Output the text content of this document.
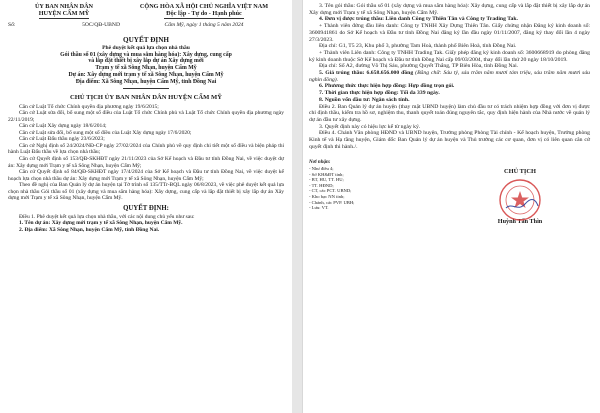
ỦY BAN NHÂN DÂN
HUYỆN CẨM MỸ
Số:	5OC/QĐ-UBND
CỘNG HÒA XÃ HỘI CHỦ NGHĨA VIỆT NAM
Độc lập - Tự do - Hạnh phúc
Cẩm Mỹ, ngày 1 tháng 5 năm 2024
QUYẾT ĐỊNH
Phê duyệt kết quả lựa chọn nhà thầu
Gói thầu số 01 (xây dựng và mua sắm hàng hóa): Xây dựng, cung cấp
và lắp đặt thiết bị xây lắp dự án Xây dựng mới
Trạm y tế xã Sông Nhạn, huyện Cẩm Mỹ
Dự án: Xây dựng mới trạm y tế xã Sông Nhạn, huyện Cẩm Mỹ
Địa điểm: Xã Sông Nhạn, huyện Cẩm Mỹ, tỉnh Đồng Nai
CHỦ TỊCH ỦY BAN NHÂN DÂN HUYỆN CẨM MỸ

Căn cứ Luật Tổ chức Chính quyền địa phương ngày 19/6/2015;

Căn cứ Luật sửa đổi, bổ sung một số điều của Luật Tổ chức Chính phủ và Luật Tổ chức Chính quyền địa phương ngày 22/11/2019;

Căn cứ Luật Xây dựng ngày 18/6/2014;

Căn cứ Luật sửa đổi, bổ sung một số điều của Luật Xây dựng ngày 17/6/2020;

Căn cứ Luật Đấu thầu ngày 23/6/2023;

Căn cứ Nghị định số 24/2024/NĐ-CP ngày 27/02/2024 của Chính phủ về quy định chi tiết một số điều và biện pháp thi hành Luật Đấu thầu về lựa chọn nhà thầu;

Căn cứ Quyết định số 153/QĐ-SKHĐT ngày 21/11/2023 của Sở Kế hoạch và Đầu tư tỉnh Đồng Nai, về việc duyệt dự án: Xây dựng mới Trạm y tế xã Sông Nhạn, huyện Cẩm Mỹ;

Căn cứ Quyết định số 84/QĐ-SKHĐT ngày 17/4/2024 của Sở Kế hoạch và Đầu tư tỉnh Đồng Nai, về việc duyệt kế hoạch lựa chọn nhà thầu dự án: Xây dựng mới Trạm y tế xã Sông Nhạn, huyện Cẩm Mỹ;

Theo đề nghị của Ban Quản lý dự án huyện tại Tờ trình số 135/TTr-BQL ngày 06/8/2023, về việc phê duyệt kết quả lựa chọn nhà thầu Gói thầu số 01 (xây dựng và mua sắm hàng hóa): Xây dựng, cung cấp và lắp đặt thiết bị xây lắp dự án Xây dựng mới Trạm y tế xã Sông Nhạn, huyện Cẩm Mỹ.

QUYẾT ĐỊNH:

Điều 1. Phê duyệt kết quả lựa chọn nhà thầu, với các nội dung chủ yếu như sau:

1. Tên dự án: Xây dựng mới trạm y tế xã Sông Nhạn, huyện Cẩm Mỹ.

2. Địa điểm: Xã Sông Nhạn, huyện Cẩm Mỹ, tỉnh Đồng Nai.

3. Tên gói thầu: Gói thầu số 01 (xây dựng và mua sắm hàng hóa): Xây dựng, cung cấp và lắp đặt thiết bị xây lắp dự án Xây dựng mới Trạm y tế xã Sông Nhạn, huyện Cẩm Mỹ.

4. Đơn vị được trúng thầu: Liên danh Công ty Thiên Tân và Công ty Trading Tak.

+ Thành viên đứng đầu liên danh: Công ty TNHH Xây Dựng Thiên Tân. Giấy chứng nhận Đăng ký kinh doanh số: 3600941861 do Sở Kế hoạch và Đầu tư tỉnh Đồng Nai đăng ký lần đầu ngày 01/11/2007, đăng ký thay đổi lần 4 ngày 27/3/2023.

Địa chỉ: G1, T5 23, Khu phố 3, phường Tam Hoà, thành phố Biên Hoà, tỉnh Đồng Nai.

+ Thành viên Liên danh: Công ty TNHH Trading Tak. Giấy phép đăng ký kinh doanh số: 3600668919 do phòng đăng ký kinh doanh thuộc Sở Kế hoạch và Đầu tư tỉnh Đồng Nai cấp 09/03/2004, thay đổi lần thứ 20 ngày 18/10/2019.

Địa chỉ: Số A2, đường Võ Thị Sáu, phường Quyết Thắng, TP Biên Hòa, tỉnh Đồng Nai.

5. Giá trúng thầu: 6.658.656.000 đồng (Bằng chữ: Sáu tỷ, sáu trăm năm mươi tám triệu, sáu trăm năm mươi sáu nghìn đồng).

6. Phương thức thực hiện hợp đồng: Hợp đồng trọn gói.

7. Thời gian thực hiện hợp đồng: Tối đa 339 ngày.

8. Nguồn vốn đầu tư: Ngân sách tỉnh.

Điều 2. Ban Quản lý dự án huyện (thay mặt UBND huyện) làm chủ đầu tư có trách nhiệm hợp đồng với đơn vị được chỉ định thầu, kiểm tra hồ sơ, nghiệm thu, thanh quyết toán đúng nguyên tắc, quy định hiện hành của Nhà nước về quản lý dự án đầu tư xây dựng.

3. Quyết định này có hiệu lực kể từ ngày ký.

Điều 4. Chánh Văn phòng HĐND và UBND huyện, Trưởng phòng Phòng Tài chính - Kế hoạch huyện, Trưởng phòng Kinh tế và Hạ tầng huyện, Giám đốc Ban Quản lý dự án huyện và Thủ trưởng các cơ quan, đơn vị có liên quan căn cứ quyết định thi hành./.

Nơi nhận:
- Như điều 4;
- Sở KH&ĐT tỉnh;
- BT, HU, TT. HU;
- TT. HĐND;
- CT, các PCT. UBND;
- Kho bạc NN tỉnh;
- Chánh, các PVP. UBH;
- Lưu: VT.
CHỦ TỊCH
Huỳnh Tấn Thìn
